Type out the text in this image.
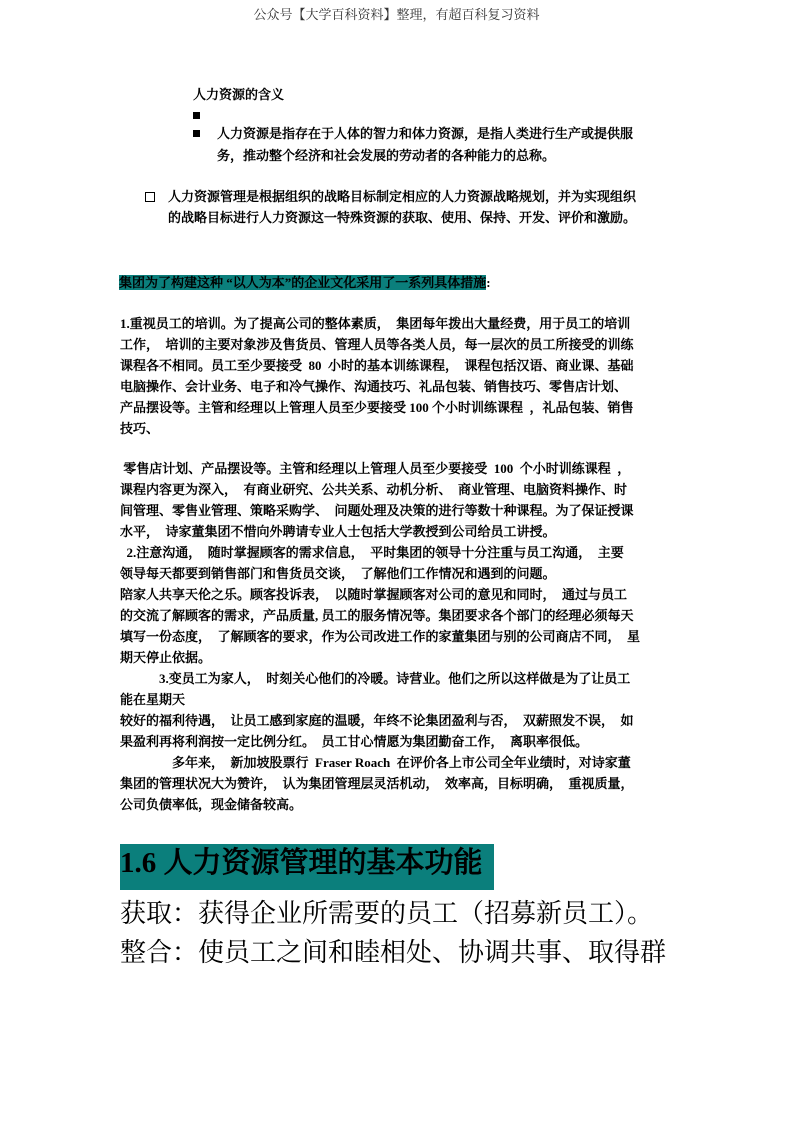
公众号【大学百科资料】整理，有超百科复习资料
人力资源的含义
人力资源是指存在于人体的智力和体力资源，是指人类进行生产或提供服
务，推动整个经济和社会发展的劳动者的各种能力的总称。
人力资源管理是根据组织的战略目标制定相应的人力资源战略规划，并为实现组织
的战略目标进行人力资源这一特殊资源的获取、使用、保持、开发、评价和激励。
集团为了构建这种 “以人为本”的企业文化采用了一系列具体措施:
1.重视员工的培训。为了提高公司的整体素质，  集团每年拨出大量经费，用于员工的培训
工作，  培训的主要对象涉及售货员、管理人员等各类人员，每一层次的员工所接受的训练
课程各不相同。员工至少要接受  80  小时的基本训练课程，  课程包括汉语、商业课、基础
电脑操作、会计业务、电子和冷气操作、沟通技巧、礼品包装、销售技巧、零售店计划、
产品摆设等。主管和经理以上管理人员至少要接受 100 个小时训练课程  ，礼品包装、销售
技巧、
零售店计划、产品摆设等。主管和经理以上管理人员至少要接受  100  个小时训练课程  ，
课程内容更为深入，  有商业研究、公共关系、动机分析、  商业管理、电脑资料操作、时
间管理、零售业管理、策略采购学、  问题处理及决策的进行等数十种课程。为了保证授课
水平，  诗家董集团不惜向外聘请专业人士包括大学教授到公司给员工讲授。
2.注意沟通，  随时掌握顾客的需求信息，  平时集团的领导十分注重与员工沟通，  主要
领导每天都要到销售部门和售货员交谈，  了解他们工作情况和遇到的问题。
陪家人共享天伦之乐。顾客投诉表，  以随时掌握顾客对公司的意见和同时，  通过与员工
的交流了解顾客的需求，产品质量, 员工的服务情况等。集团要求各个部门的经理必须每天
填写一份态度，  了解顾客的要求，作为公司改进工作的家董集团与别的公司商店不同，  星
期天停止依据。
3.变员工为家人，  时刻关心他们的冷暖。诗营业。他们之所以这样做是为了让员工
能在星期天
较好的福利待遇，  让员工感到家庭的温暖，年终不论集团盈利与否，  双薪照发不误，  如
果盈利再将利润按一定比例分红。  员工甘心情愿为集团勤奋工作，  离职率很低。
多年来，  新加坡股票行  Fraser Roach  在评价各上市公司全年业绩时，对诗家董
集团的管理状况大为赞许，  认为集团管理层灵活机动，  效率高，目标明确，  重视质量，
公司负债率低，现金储备较高。
1.6 人力资源管理的基本功能
获取：获得企业所需要的员工（招募新员工）。
整合：使员工之间和睦相处、协调共事、取得群
